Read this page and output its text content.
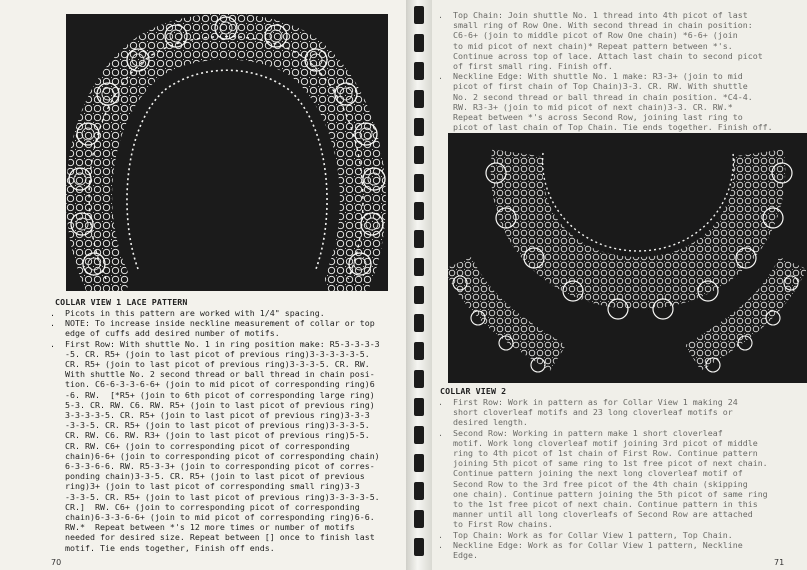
COLLAR VIEW 1 LACE PATTERN
.  Picots in this pattern are worked with 1/4" spacing.
.  NOTE: To increase inside neckline measurement of collar or top
edge of cuffs add desired number of motifs.
.  First Row: With shuttle No. 1 in ring position make: R5-3-3-3-3
-5. CR. R5+ (join to last picot of previous ring)3-3-3-3-3-5.
CR. R5+ (join to last picot of previous ring)3-3-3-5. CR. RW.
With shuttle No. 2 second thread or ball thread in chain posi-
tion. C6-6-3-3-6-6+ (join to mid picot of corresponding ring)6
-6. RW.  [*R5+ (join to 6th picot of corresponding large ring)
5-3. CR. RW. C6. RW. R5+ (join to last picot of previous ring)
3-3-3-3-5. CR. R5+ (join to last picot of previous ring)3-3-3
-3-3-5. CR. R5+ (join to last picot of previous ring)3-3-3-5.
CR. RW. C6. RW. R3+ (join to last picot of previous ring)5-5.
CR. RW. C6+ (join to corresponding picot of corresponding
chain)6-6+ (join to corresponding picot of corresponding chain)
6-3-3-6-6. RW. R5-3-3+ (join to corresponding picot of corres-
ponding chain)3-3-5. CR. R5+ (join to last picot of previous
ring)3+ (join to last picot of corresponding small ring)3-3
-3-3-5. CR. R5+ (join to last picot of previous ring)3-3-3-3-5.
CR.]  RW. C6+ (join to corresponding picot of corresponding
chain)6-3-3-6-6+ (join to mid picot of corresponding ring)6-6.
RW.*  Repeat between *'s 12 more times or number of motifs
needed for desired size. Repeat between [] once to finish last
motif. Tie ends together, Finish off ends.
70
.  Top Chain: Join shuttle No. 1 thread into 4th picot of last
small ring of Row One. With second thread in chain position:
C6-6+ (join to middle picot of Row One chain) *6-6+ (join
to mid picot of next chain)* Repeat pattern between *'s.
Continue across top of lace. Attach last chain to second picot
of first small ring. Finish off.
.  Neckline Edge: With shuttle No. 1 make: R3-3+ (join to mid
picot of first chain of Top Chain)3-3. CR. RW. With shuttle
No. 2 second thread or ball thread in chain position. *C4-4.
RW. R3-3+ (join to mid picot of next chain)3-3. CR. RW.*
Repeat between *'s across Second Row, joining last ring to
picot of last chain of Top Chain. Tie ends together. Finish off.
COLLAR VIEW 2
.  First Row: Work in pattern as for Collar View 1 making 24
short cloverleaf motifs and 23 long cloverleaf motifs or
desired length.
.  Second Row: Working in pattern make 1 short cloverleaf
motif. Work long cloverleaf motif joining 3rd picot of middle
ring to 4th picot of 1st chain of First Row. Continue pattern
joining 5th picot of same ring to 1st free picot of next chain.
Continue pattern joining the next long cloverleaf motif of
Second Row to the 3rd free picot of the 4th chain (skipping
one chain). Continue pattern joining the 5th picot of same ring
to the 1st free picot of next chain. Continue pattern in this
manner until all long cloverleafs of Second Row are attached
to First Row chains.
.  Top Chain: Work as for Collar View 1 pattern, Top Chain.
.  Neckline Edge: Work as for Collar View 1 pattern, Neckline
Edge.
71
